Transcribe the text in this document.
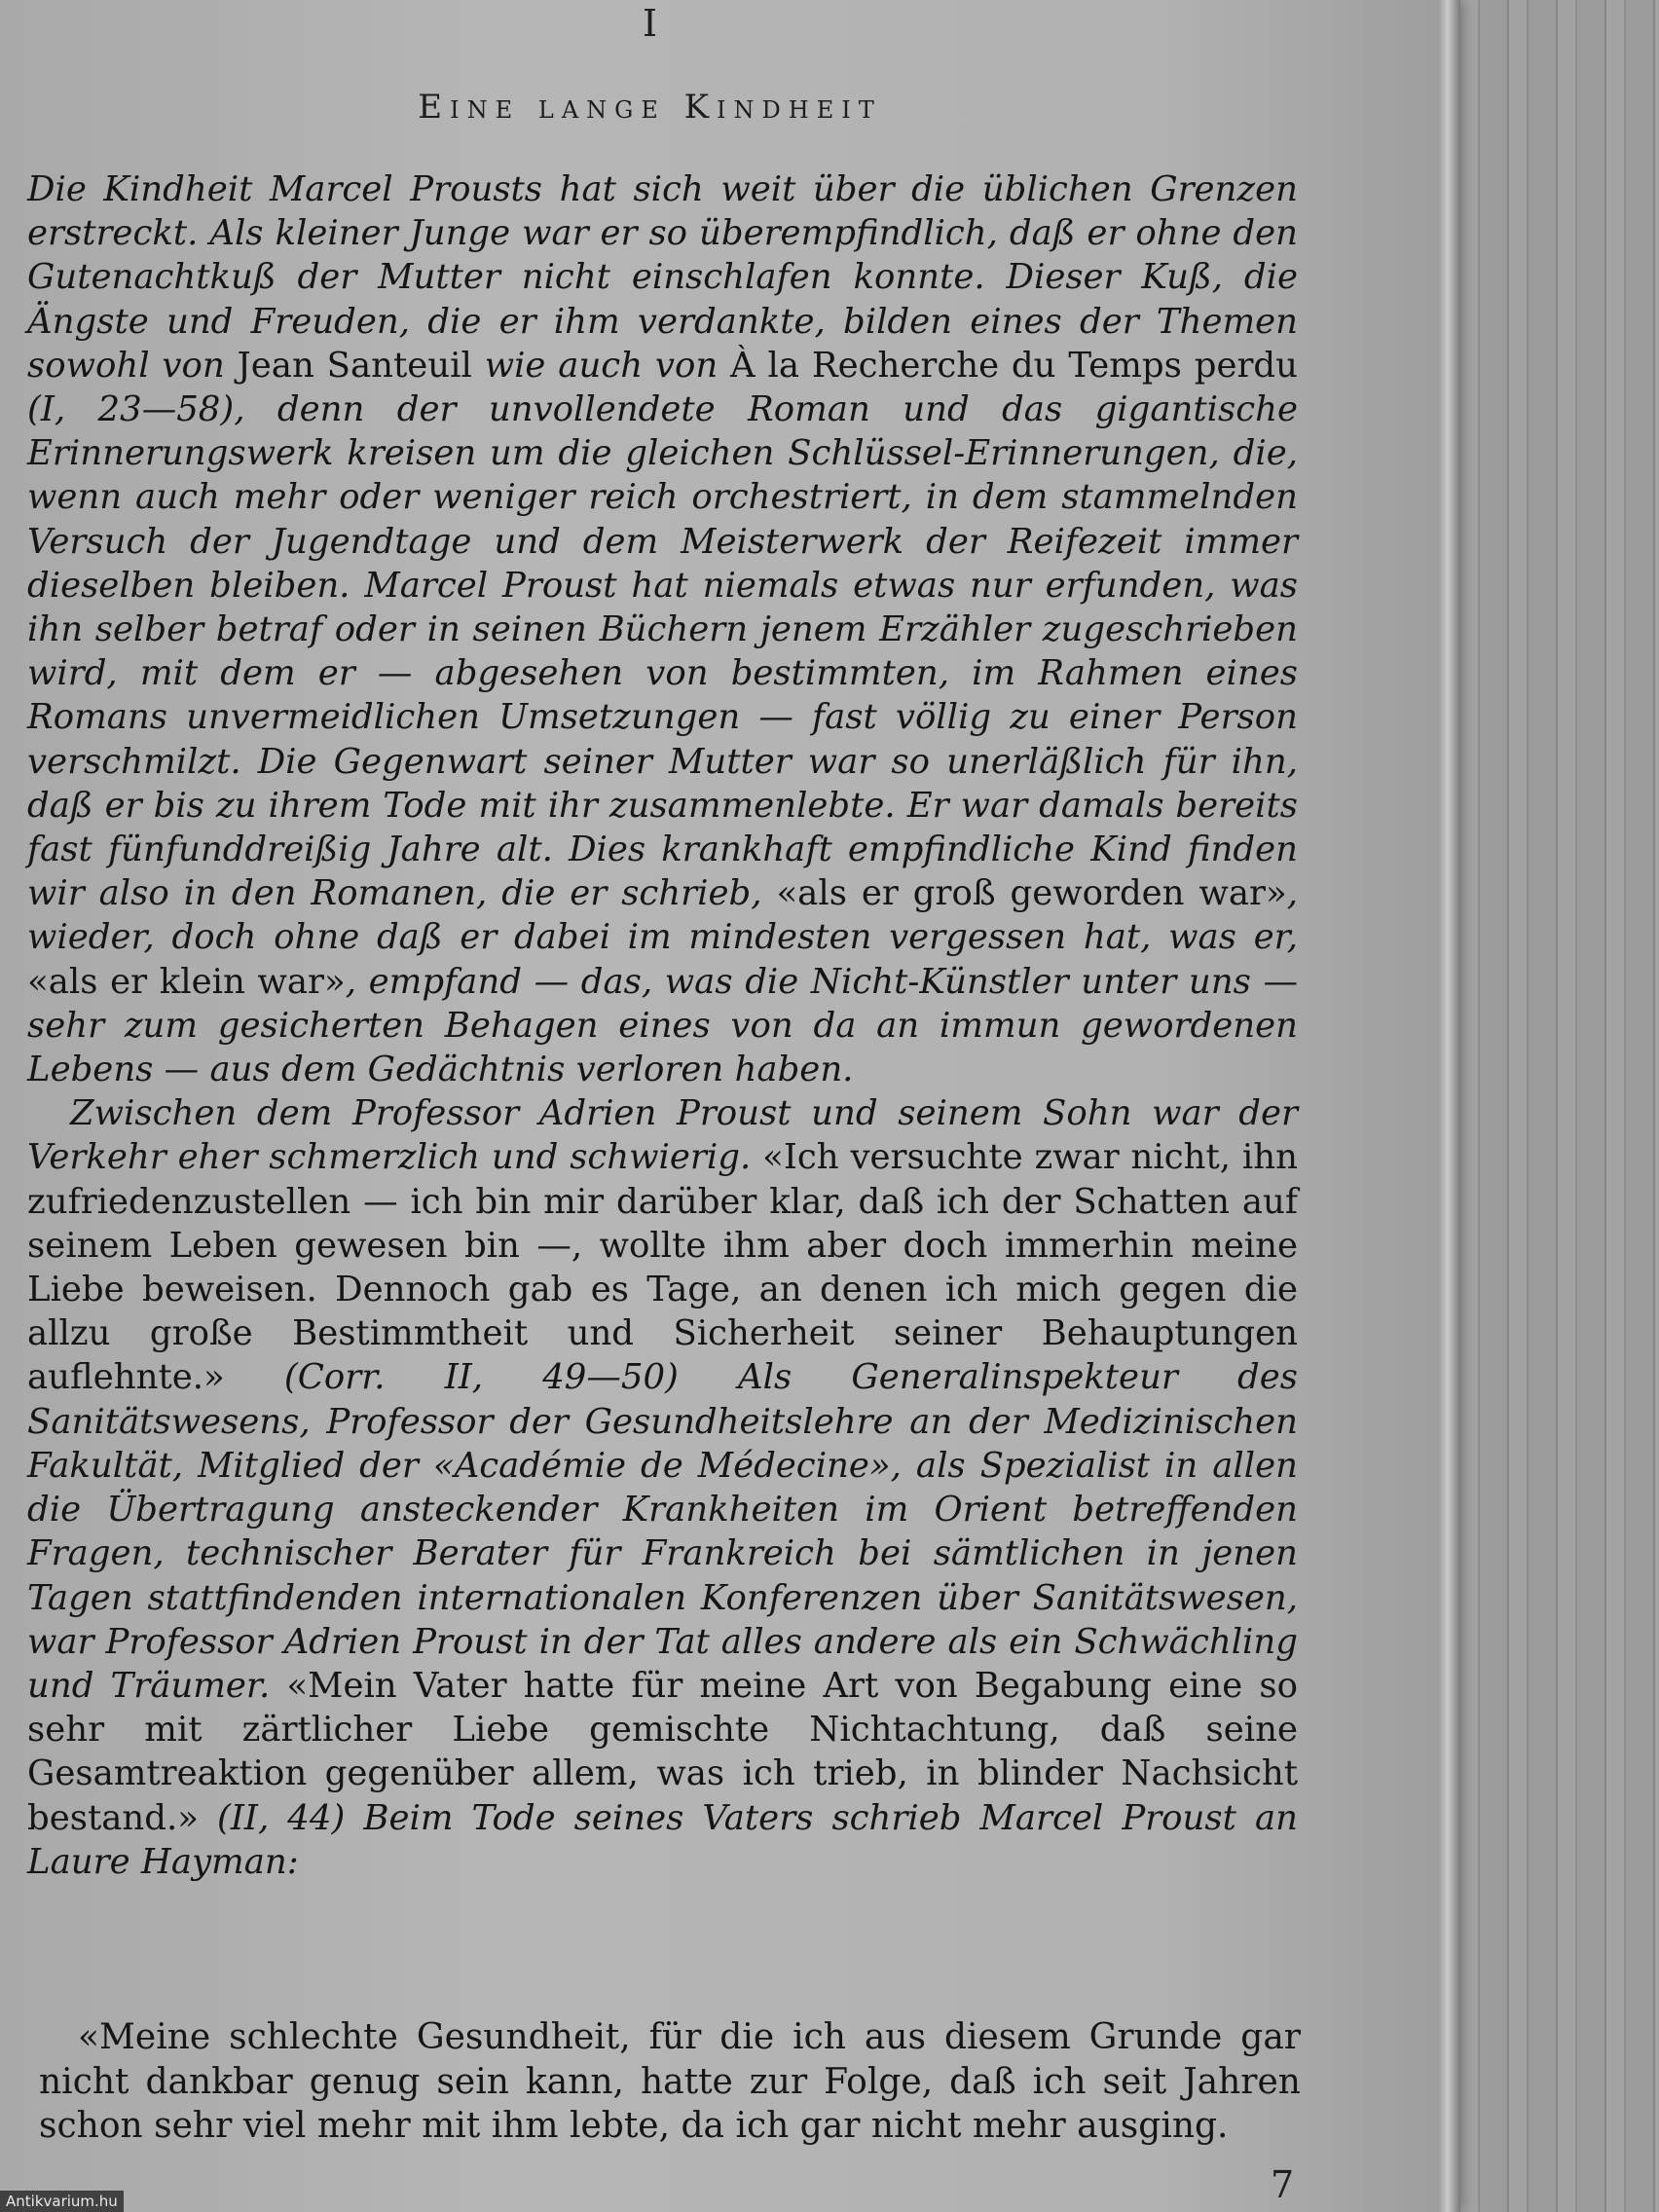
I
Eine lange Kindheit

Die Kindheit Marcel Prousts hat sich weit über die üblichen Grenzen erstreckt. Als kleiner Junge war er so überempfindlich, daß er ohne den Gutenachtkuß der Mutter nicht einschlafen konnte. Dieser Kuß, die Ängste und Freuden, die er ihm verdankte, bilden eines der Themen sowohl von Jean Santeuil wie auch von À la Recherche du Temps perdu (I, 23—58), denn der unvollendete Roman und das gigantische Erinnerungswerk kreisen um die gleichen Schlüssel-Erinnerungen, die, wenn auch mehr oder weniger reich orchestriert, in dem stammelnden Versuch der Jugendtage und dem Meisterwerk der Reifezeit immer dieselben bleiben. Marcel Proust hat niemals etwas nur erfunden, was ihn selber betraf oder in seinen Büchern jenem Erzähler zugeschrieben wird, mit dem er — abgesehen von bestimmten, im Rahmen eines Romans unvermeidlichen Umsetzungen — fast völlig zu einer Person verschmilzt. Die Gegenwart seiner Mutter war so unerläßlich für ihn, daß er bis zu ihrem Tode mit ihr zusammenlebte. Er war damals bereits fast fünfunddreißig Jahre alt. Dies krankhaft empfindliche Kind finden wir also in den Romanen, die er schrieb, «als er groß geworden war», wieder, doch ohne daß er dabei im mindesten vergessen hat, was er, «als er klein war», empfand — das, was die Nicht-Künstler unter uns — sehr zum gesicherten Behagen eines von da an immun gewordenen Lebens — aus dem Gedächtnis verloren haben.

Zwischen dem Professor Adrien Proust und seinem Sohn war der Verkehr eher schmerzlich und schwierig. «Ich versuchte zwar nicht, ihn zufriedenzustellen — ich bin mir darüber klar, daß ich der Schatten auf seinem Leben gewesen bin —, wollte ihm aber doch immerhin meine Liebe beweisen. Dennoch gab es Tage, an denen ich mich gegen die allzu große Bestimmtheit und Sicherheit seiner Behauptungen auflehnte.» (Corr. II, 49—50) Als Generalinspekteur des Sanitätswesens, Professor der Gesundheitslehre an der Medizinischen Fakultät, Mitglied der «Académie de Médecine», als Spezialist in allen die Übertragung ansteckender Krankheiten im Orient betreffenden Fragen, technischer Berater für Frankreich bei sämtlichen in jenen Tagen stattfindenden internationalen Konferenzen über Sanitätswesen, war Professor Adrien Proust in der Tat alles andere als ein Schwächling und Träumer. «Mein Vater hatte für meine Art von Begabung eine so sehr mit zärtlicher Liebe gemischte Nichtachtung, daß seine Gesamtreaktion gegenüber allem, was ich trieb, in blinder Nachsicht bestand.» (II, 44) Beim Tode seines Vaters schrieb Marcel Proust an Laure Hayman:

«Meine schlechte Gesundheit, für die ich aus diesem Grunde gar nicht dankbar genug sein kann, hatte zur Folge, daß ich seit Jahren schon sehr viel mehr mit ihm lebte, da ich gar nicht mehr ausging.

7
Antikvarium.hu
